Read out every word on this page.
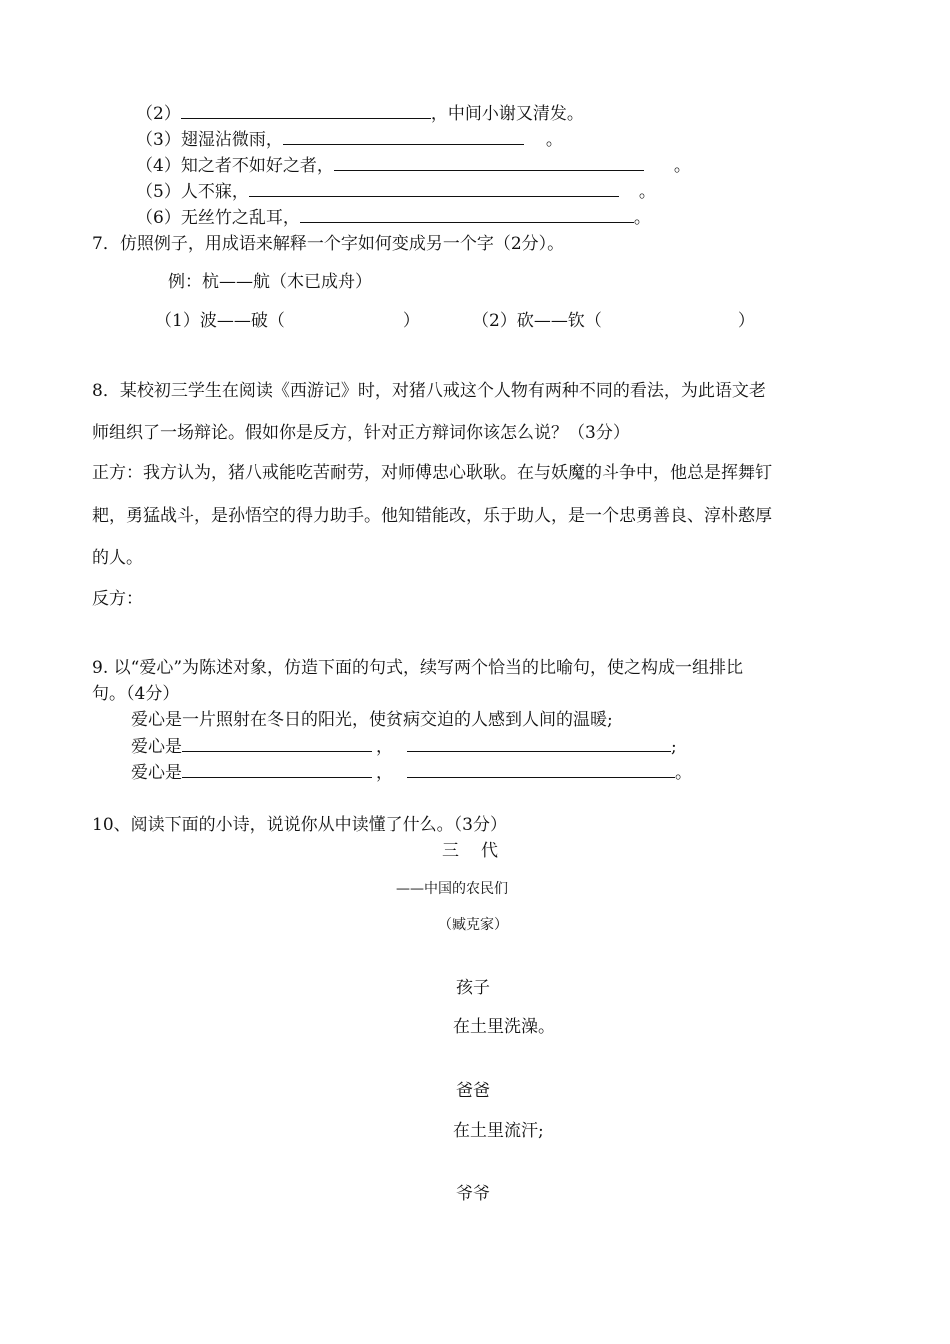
（2）	，中间小谢又清发。
（3）翅湿沾微雨，	。
（4）知之者不如好之者，	。
（5）人不寐，	。
（6）无丝竹之乱耳，	。
7．仿照例子，用成语来解释一个字如何变成另一个字（2分）。
例：杭——航（木已成舟）
（1）波——破（	）	（2）砍——钦（	）
8．某校初三学生在阅读《西游记》时，对猪八戒这个人物有两种不同的看法，为此语文老
师组织了一场辩论。假如你是反方，针对正方辩词你该怎么说？（3分）
正方：我方认为，猪八戒能吃苦耐劳，对师傅忠心耿耿。在与妖魔的斗争中，他总是挥舞钉
耙，勇猛战斗，是孙悟空的得力助手。他知错能改，乐于助人，是一个忠勇善良、淳朴憨厚
的人。
反方：
9. 以“爱心”为陈述对象，仿造下面的句式，续写两个恰当的比喻句，使之构成一组排比
句。（4分）
爱心是一片照射在冬日的阳光，使贫病交迫的人感到人间的温暖;
爱心是	，	;
爱心是	，	。
10、阅读下面的小诗，说说你从中读懂了什么。（3分）
三代
——中国的农民们
（臧克家）
孩子
在土里洗澡。
爸爸
在土里流汗;
爷爷
